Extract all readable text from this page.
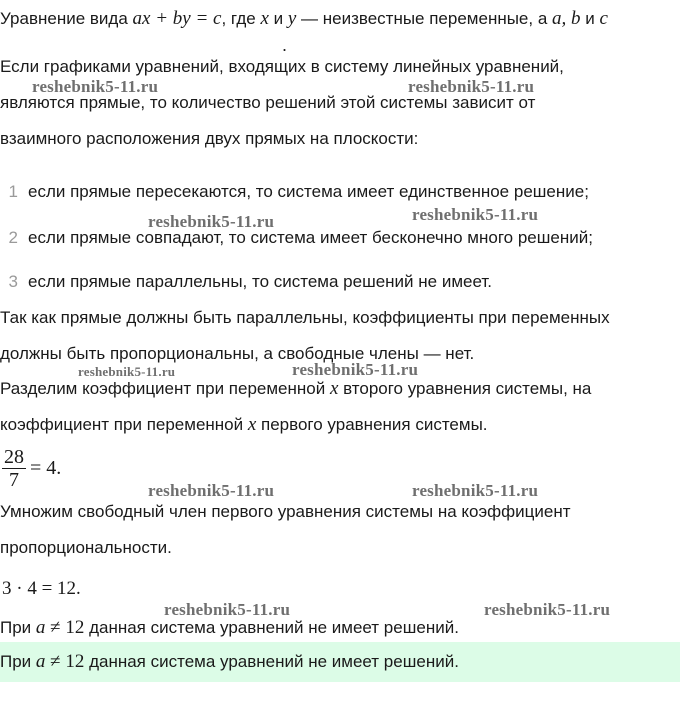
Уравнение вида ax + by = c, где x и y — неизвестные переменные, а a, b и c
.
Если графиками уравнений, входящих в систему линейных уравнений,
являются прямые, то количество решений этой системы зависит от
взаимного расположения двух прямых на плоскости:
1 если прямые пересекаются, то система имеет единственное решение;
2 если прямые совпадают, то система имеет бесконечно много решений;
3 если прямые параллельны, то система решений не имеет.
Так как прямые должны быть параллельны, коэффициенты при переменных
должны быть пропорциональны, а свободные члены — нет.
Разделим коэффициент при переменной x второго уравнения системы, на
коэффициент при переменной x первого уравнения системы.
$\frac{28}{7} = 4$.
Умножим свободный член первого уравнения системы на коэффициент
пропорциональности.
3 · 4 = 12.
При a ≠ 12 данная система уравнений не имеет решений.
При a ≠ 12 данная система уравнений не имеет решений.
reshebnik5-11.ru	reshebnik5-11.ru
reshebnik5-11.ru	reshebnik5-11.ru
reshebnik5-11.ru	reshebnik5-11.ru
reshebnik5-11.ru	reshebnik5-11.ru
reshebnik5-11.ru	reshebnik5-11.ru
